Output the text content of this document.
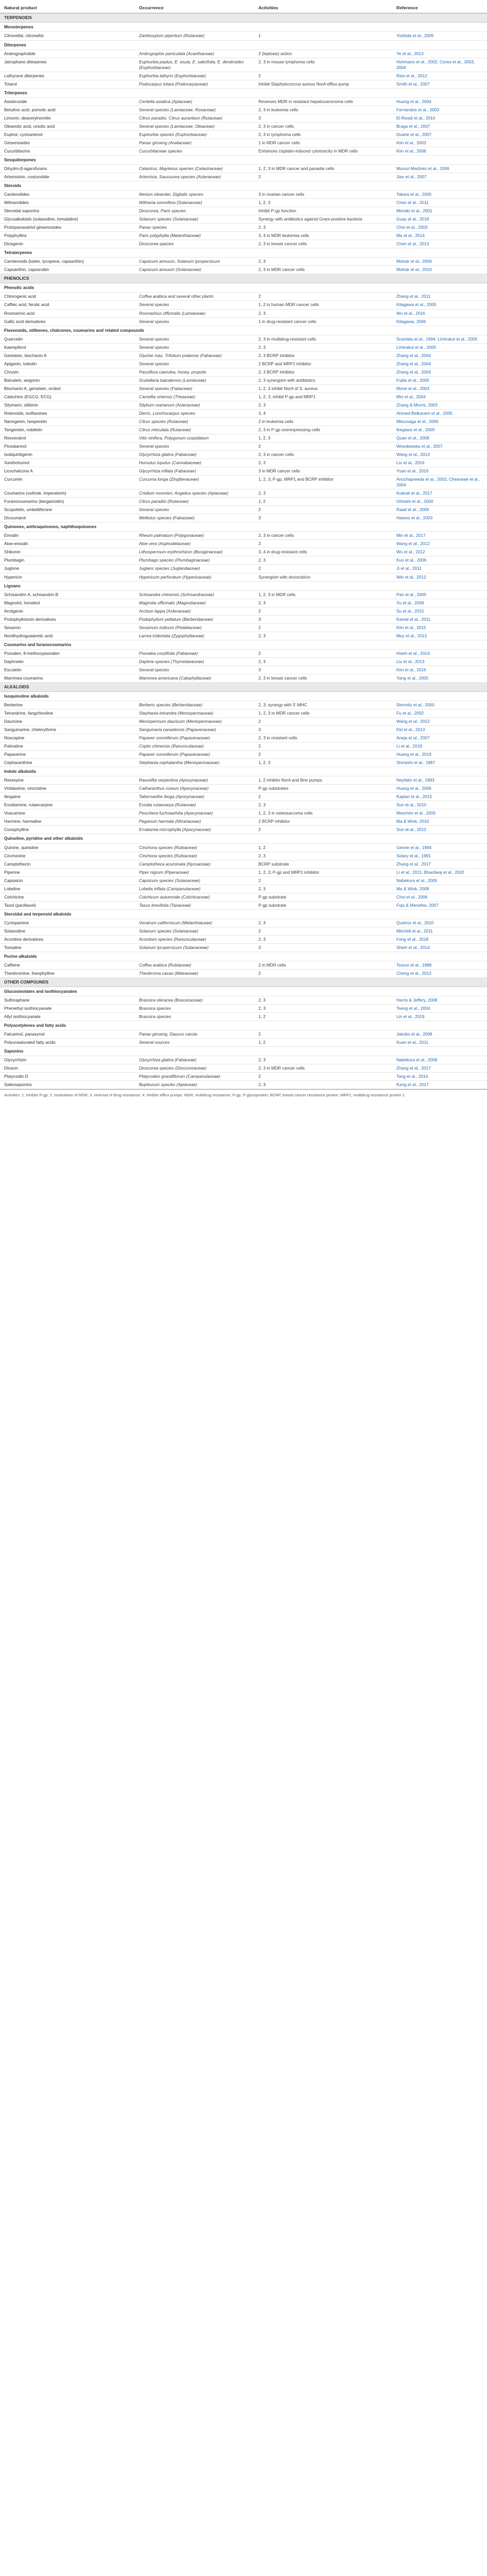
Natural product	Occurrence	Activities	Reference
TERPENOIDS			
Monoterpenes			
Citronellal, citronellol	Zanthoxylum piperitum (Rutaceae)	1	Yoshida et al., 2005
Diterpenes			
Andrographolide	Andrographis paniculata (Acanthaceae)	2 (leptosis) action	Ye et al., 2013
Jatrophane diterpenes	Euphorbia peplus, E. esula, E. salicifolia, E. dendroides (Euphorbiaceae)	2, 3 in mouse lymphoma cells	Hohmann et al., 2002; Corea et al., 2003, 2004
Lathyrane diterpenes	Euphorbia lathyris (Euphorbiaceae)	2	Reis et al., 2012
Totarol	Podocarpus totara (Podocarpaceae)	Inhibit Staphylococcus aureus NorA efflux pump	Smith et al., 2007
Triterpenes			
Asiaticoside	Centella asiatica (Apiaceae)	Reverses MDR in resistant hepatocarcinoma cells	Huang et al., 2004
Betulinic acid, pomolic acid	Several species (Lamiaceae, Rosaceae)	2, 3 in leukemia cells	Fernandes et al., 2003
Limonin, deacetylnomilin	Citrus paradisi, Citrus aurantium (Rutaceae)	3	El-Readi et al., 2010
Oleanolic acid, ursolic acid	Several species (Lamiaceae, Oleaceae)	2, 3 in cancer cells	Braga et al., 2007
Euphol, cycloartenol	Euphorbia species (Euphorbiaceae)	2, 3 in lymphoma cells	Duarte et al., 2007
Ginsenosides	Panax ginseng (Araliaceae)	1 in MDR cancer cells	Kim et al., 2003
Cucurbitacins	Cucurbitaceae species	Enhances cisplatin-induced cytotoxicity in MDR cells	Kim et al., 2008
Sesquiterpenes			
Dihydro-β-agarofurans	Celastrus, Maytenus species (Celastraceae)	1, 2, 3 in MDR cancer and parasite cells	Munoz-Martinez et al., 2006
Artemisinin, costunolide	Artemisia, Saussurea species (Asteraceae)	2	Jiao et al., 2007
Steroids			
Cardenolides	Nerium oleander, Digitalis species	3 in ovarian cancer cells	Takara et al., 2005
Withanolides	Withania somnifera (Solanaceae)	1, 2, 3	Chen et al., 2011
Steroidal saponins	Dioscorea, Paris species	Inhibit P-gp function	Mimaki et al., 2001
Glycoalkaloids (solasodine, tomatidine)	Solanum species (Solanaceae)	Synergy with antibiotics against Gram-positive bacteria	Guay et al., 2018
Protopanaxatriol ginsenosides	Panax species	2, 3	Choi et al., 2003
Polyphyllins	Paris polyphylla (Melanthiaceae)	3, 4 in MDR leukemia cells	Ma et al., 2014
Diosgenin	Dioscorea species	2, 3 in breast cancer cells	Chen et al., 2013
Tetraterpenes			
Carotenoids (lutein, lycopene, capsanthin)	Capsicum annuum, Solanum lycopersicum	2, 3	Molnár et al., 2006
Capsanthin, capsorubin	Capsicum annuum (Solanaceae)	2, 3 in MDR cancer cells	Molnár et al., 2010
PHENOLICS			
Phenolic acids			
Chlorogenic acid	Coffea arabica and several other plants	2	Zhang et al., 2011
Caffeic acid, ferulic acid	Several species	1, 2 in human MDR cancer cells	Kitagawa et al., 2005
Rosmarinic acid	Rosmarinus officinalis (Lamiaceae)	2, 3	Wu et al., 2016
Gallic acid derivatives	Several species	1 in drug-resistant cancer cells	Kitagawa, 2006
Flavonoids, stilbenes, chalcones, coumarins and related compounds			
Quercetin	Several species	2, 3 in multidrug-resistant cells	Scambia et al., 1994; Limtrakul et al., 2005
Kaempferol	Several species	2, 3	Limtrakul et al., 2005
Genistein, biochanin A	Glycine max, Trifolium pratense (Fabaceae)	2, 3 BCRP inhibitor	Zhang et al., 2004
Apigenin, luteolin	Several species	2 BCRP and MRP1 inhibitor	Zhang et al., 2004
Chrysin	Passiflora caerulea, honey, propolis	2, 3 BCRP inhibitor	Zhang et al., 2004
Baicalein, wogonin	Scutellaria baicalensis (Lamiaceae)	2, 3 synergism with antibiotics	Fujita et al., 2005
Biochanin A, genistein, orobol	Several species (Fabaceae)	1, 2, 3 inhibit NorA of S. aureus	Morel et al., 2003
Catechins (EGCG, ECG)	Camellia sinensis (Theaceae)	1, 2, 3; inhibit P-gp and MRP1	Mei et al., 2004
Silymarin, silibinin	Silybum marianum (Asteraceae)	2, 3	Zhang & Morris, 2003
Rotenoids, isoflavones	Derris, Lonchocarpus species	3, 4	Ahmed-Belkacem et al., 2005
Naringenin, hesperetin	Citrus species (Rutaceae)	2 in leukemia cells	Mitsunaga et al., 2000
Tangeretin, nobiletin	Citrus reticulata (Rutaceae)	2, 3 in P-gp overexpressing cells	Ikegawa et al., 2000
Resveratrol	Vitis vinifera, Polygonum cuspidatum	1, 2, 3	Quan et al., 2008
Piceatannol	Several species	2	Wesołowska et al., 2007
Isoliquiritigenin	Glycyrrhiza glabra (Fabaceae)	2, 3 in cancer cells	Wang et al., 2013
Xanthohumol	Humulus lupulus (Cannabaceae)	2, 3	Liu et al., 2016
Licochalcone A	Glycyrrhiza inflata (Fabaceae)	3 in MDR cancer cells	Yuan et al., 2019
Curcumin	Curcuma longa (Zingiberaceae)	1, 2, 3; P-gp, MRP1 and BCRP inhibitor	Anuchapreeda et al., 2002; Chearwae et al., 2004
Coumarins (osthole, imperatorin)	Cnidium monnieri, Angelica species (Apiaceae)	2, 3	Kubrak et al., 2017
Furanocoumarins (bergamottin)	Citrus paradisi (Rutaceae)	1, 2	Ohnishi et al., 2000
Scopoletin, umbelliferone	Several species	2	Raad et al., 2006
Dicoumarol	Melilotus species (Fabaceae)	3	Hatano et al., 2003
Quinones, anthraquinones, naphthoquinones			
Emodin	Rheum palmatum (Polygonaceae)	2, 3 in cancer cells	Min et al., 2017
Aloe-emodin	Aloe vera (Asphodelaceae)	2	Wang et al., 2012
Shikonin	Lithospermum erythrorhizon (Boraginaceae)	3, 4 in drug-resistant cells	Wu et al., 2012
Plumbagin	Plumbago species (Plumbaginaceae)	2, 3	Kuo et al., 2006
Juglone	Juglans species (Juglandaceae)	2	Ji et al., 2011
Hypericin	Hypericum perforatum (Hypericaceae)	Synergism with doxorubicin	Wei et al., 2012
Lignans			
Schisandrin A, schisandrin B	Schisandra chinensis (Schisandraceae)	1, 2, 3 in MDR cells	Pan et al., 2005
Magnolol, honokiol	Magnolia officinalis (Magnoliaceae)	2, 3	Xu et al., 2006
Arctigenin	Arctium lappa (Asteraceae)	2	Su et al., 2015
Podophyllotoxin derivatives	Podophyllum peltatum (Berberidaceae)	3	Kamal et al., 2011
Sesamin	Sesamum indicum (Pedaliaceae)	2	Kim et al., 2015
Nordihydroguaiaretic acid	Larrea tridentata (Zygophyllaceae)	2, 3	Moy et al., 2013
Coumarins and furanocoumarins			
Psoralen, 8-methoxypsoralen	Psoralea corylifolia (Fabaceae)	2	Hsieh et al., 2014
Daphnetin	Daphne species (Thymelaeaceae)	2, 3	Liu et al., 2013
Esculetin	Several species	3	Kim et al., 2016
Mammea coumarins	Mammea americana (Calophyllaceae)	2, 3 in breast cancer cells	Yang et al., 2005
ALKALOIDS			
Isoquinoline alkaloids			
Berberine	Berberis species (Berberidaceae)	2, 3; synergy with 5'-MHC	Stermitz et al., 2000
Tetrandrine, fangchinoline	Stephania tetrandra (Menispermaceae)	1, 2, 3 in MDR cancer cells	Fu et al., 2002
Dauricine	Menispermum dauricum (Menispermaceae)	2	Wang et al., 2012
Sanguinarine, chelerythrine	Sanguinaria canadensis (Papaveraceae)	3	Eid et al., 2013
Noscapine	Papaver somniferum (Papaveraceae)	2, 3 in resistant cells	Aneja et al., 2007
Palmatine	Coptis chinensis (Ranunculaceae)	2	Li et al., 2018
Papaverine	Papaver somniferum (Papaveraceae)	2	Huang et al., 2019
Cepharanthine	Stephania cephalantha (Menispermaceae)	1, 2, 3	Shiraishi et al., 1987
Indole alkaloids			
Reserpine	Rauvolfia serpentina (Apocynaceae)	1, 2 inhibits NorA and Bmr pumps	Neyfakh et al., 1993
Vinblastine, vincristine	Catharanthus roseus (Apocynaceae)	P-gp substrates	Huang et al., 2006
Ibogaine	Tabernanthe iboga (Apocynaceae)	2	Kaplan et al., 2015
Evodiamine, rutaecarpine	Evodia rutaecarpa (Rutaceae)	2, 3	Sun et al., 2010
Voacamine	Peschiera fuchsiaefolia (Apocynaceae)	1, 2, 3 in osteosarcoma cells	Meschini et al., 2005
Harmine, harmaline	Peganum harmala (Nitrariaceae)	2 BCRP inhibitor	Ma & Wink, 2010
Conophylline	Ervatamia microphylla (Apocynaceae)	2	Sun et al., 2012
Quinoline, pyridine and other alkaloids			
Quinine, quinidine	Cinchona species (Rubiaceae)	1, 2	Genne et al., 1994
Cinchonine	Cinchona species (Rubiaceae)	2, 3	Solary et al., 1991
Camptothecin	Camptotheca acuminata (Nyssaceae)	BCRP substrate	Zhang et al., 2017
Piperine	Piper nigrum (Piperaceae)	1, 2, 3; P-gp and MRP1 inhibitor	Li et al., 2011; Bhardwaj et al., 2002
Capsaicin	Capsicum species (Solanaceae)	2	Nabekura et al., 2005
Lobeline	Lobelia inflata (Campanulaceae)	2, 3	Ma & Wink, 2008
Colchicine	Colchicum autumnale (Colchicaceae)	P-gp substrate	Choi et al., 2006
Taxol (paclitaxel)	Taxus brevifolia (Taxaceae)	P-gp substrate	Fojo & Menefee, 2007
Steroidal and terpenoid alkaloids			
Cyclopamine	Veratrum californicum (Melanthiaceae)	2, 3	Queiroz et al., 2010
Solasodine	Solanum species (Solanaceae)	2	Mitchell et al., 2011
Aconitine derivatives	Aconitum species (Ranunculaceae)	2, 3	Feng et al., 2018
Tomatine	Solanum lycopersicum (Solanaceae)	3	Shieh et al., 2014
Purine alkaloids			
Caffeine	Coffea arabica (Rubiaceae)	2 in MDR cells	Tsuruo et al., 1988
Theobromine, theophylline	Theobroma cacao (Malvaceae)	2	Cheng et al., 2012
OTHER COMPOUNDS			
Glucosinolates and isothiocyanates			
Sulforaphane	Brassica oleracea (Brassicaceae)	2, 3	Harris & Jeffery, 2008
Phenethyl isothiocyanate	Brassica species	2, 3	Tseng et al., 2004
Allyl isothiocyanate	Brassica species	1, 2	Lin et al., 2019
Polyacetylenes and fatty acids			
Falcarinol, panaxynol	Panax ginseng, Daucus carota	2	Jakobs et al., 2008
Polyunsaturated fatty acids	Several sources	1, 2	Kuan et al., 2011
Saponins			
Glycyrrhizin	Glycyrrhiza glabra (Fabaceae)	2, 3	Nabekura et al., 2008
Dioscin	Dioscorea species (Dioscoreaceae)	2, 3 in MDR cancer cells	Zhang et al., 2017
Platycodin D	Platycodon grandiflorum (Campanulaceae)	2	Tang et al., 2014
Saikosaponins	Bupleurum species (Apiaceae)	2, 3	Kang et al., 2017
Activities: 1. inhibits P-gp; 2. modulation of MDR; 3. reversal of drug resistance; 4. inhibits efflux pumps. MDR, multidrug resistance; P-gp, P-glycoprotein; BCRP, breast cancer resistance protein; MRP1, multidrug resistance protein 1.
